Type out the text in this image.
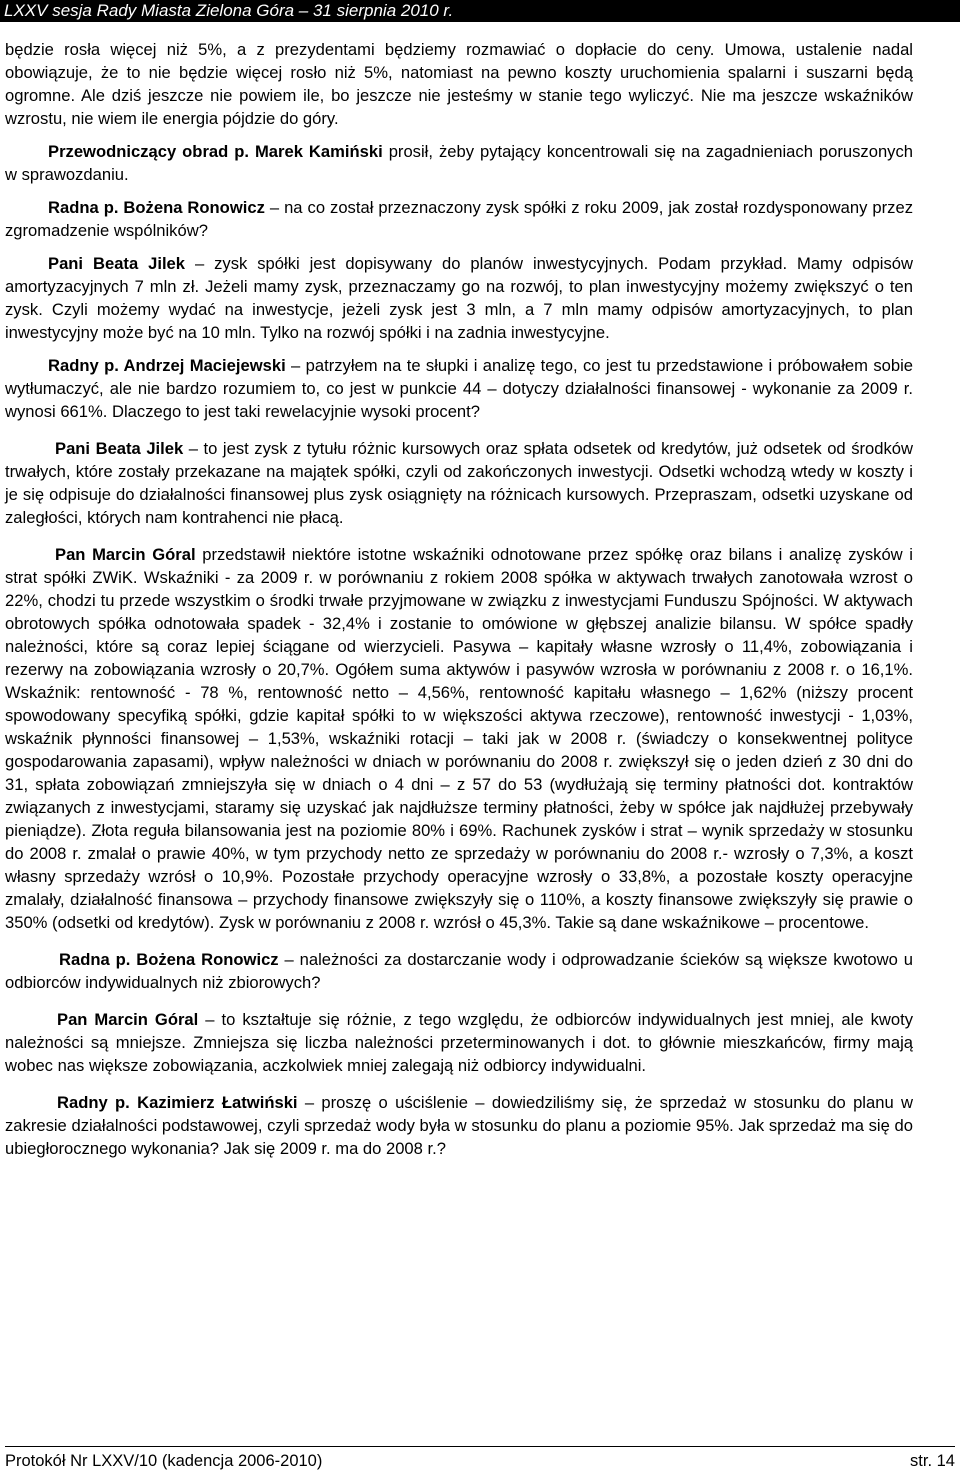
LXXV sesja Rady Miasta Zielona Góra – 31 sierpnia 2010 r.

będzie rosła więcej niż 5%, a z prezydentami będziemy rozmawiać o dopłacie do ceny. Umowa, ustalenie nadal obowiązuje, że to nie będzie więcej rosło niż 5%, natomiast na pewno koszty uruchomienia spalarni i suszarni będą ogromne. Ale dziś jeszcze nie powiem ile, bo jeszcze nie jesteśmy w stanie tego wyliczyć. Nie ma jeszcze wskaźników wzrostu, nie wiem ile energia pójdzie do góry.

Przewodniczący obrad p. Marek Kamiński prosił, żeby pytający koncentrowali się na zagadnieniach poruszonych w sprawozdaniu.

Radna p. Bożena Ronowicz – na co został przeznaczony zysk spółki z roku 2009, jak został rozdysponowany przez zgromadzenie wspólników?

Pani Beata Jilek – zysk spółki jest dopisywany do planów inwestycyjnych. Podam przykład. Mamy odpisów amortyzacyjnych 7 mln zł. Jeżeli mamy zysk, przeznaczamy go na rozwój, to plan inwestycyjny możemy zwiększyć o ten zysk. Czyli możemy wydać na inwestycje, jeżeli zysk jest 3 mln, a 7 mln mamy odpisów amortyzacyjnych, to plan inwestycyjny może być na 10 mln. Tylko na rozwój spółki i na zadnia inwestycyjne.

Radny p. Andrzej Maciejewski – patrzyłem na te słupki i analizę tego, co jest tu przedstawione i próbowałem sobie wytłumaczyć, ale nie bardzo rozumiem to, co jest w punkcie 44 – dotyczy działalności finansowej - wykonanie za 2009 r. wynosi 661%. Dlaczego to jest taki rewelacyjnie wysoki procent?

Pani Beata Jilek – to jest zysk z tytułu różnic kursowych oraz spłata odsetek od kredytów, już odsetek od środków trwałych, które zostały przekazane na majątek spółki, czyli od zakończonych inwestycji. Odsetki wchodzą wtedy w koszty i je się odpisuje do działalności finansowej plus zysk osiągnięty na różnicach kursowych. Przepraszam, odsetki uzyskane od zaległości, których nam kontrahenci nie płacą.

Pan Marcin Góral przedstawił niektóre istotne wskaźniki odnotowane przez spółkę oraz bilans i analizę zysków i strat spółki ZWiK. Wskaźniki - za 2009 r. w porównaniu z rokiem 2008 spółka w aktywach trwałych zanotowała wzrost o 22%, chodzi tu przede wszystkim o środki trwałe przyjmowane w związku z inwestycjami Funduszu Spójności. W aktywach obrotowych spółka odnotowała spadek - 32,4% i zostanie to omówione w głębszej analizie bilansu. W spółce spadły należności, które są coraz lepiej ściągane od wierzycieli. Pasywa – kapitały własne wzrosły o 11,4%, zobowiązania i rezerwy na zobowiązania wzrosły o 20,7%. Ogółem suma aktywów i pasywów wzrosła w porównaniu z 2008 r. o 16,1%. Wskaźnik: rentowność - 78 %, rentowność netto – 4,56%, rentowność kapitału własnego – 1,62% (niższy procent spowodowany specyfiką spółki, gdzie kapitał spółki to w większości aktywa rzeczowe), rentowność inwestycji - 1,03%, wskaźnik płynności finansowej – 1,53%, wskaźniki rotacji – taki jak w 2008 r. (świadczy o konsekwentnej polityce gospodarowania zapasami), wpływ należności w dniach w porównaniu do 2008 r. zwiększył się o jeden dzień z 30 dni do 31, spłata zobowiązań zmniejszyła się w dniach o 4 dni – z 57 do 53 (wydłużają się terminy płatności dot. kontraktów związanych z inwestycjami, staramy się uzyskać jak najdłuższe terminy płatności, żeby w spółce jak najdłużej przebywały pieniądze). Złota reguła bilansowania jest na poziomie 80% i 69%. Rachunek zysków i strat – wynik sprzedaży w stosunku do 2008 r. zmalał o prawie 40%, w tym przychody netto ze sprzedaży w porównaniu do 2008 r.- wzrosły o 7,3%, a koszt własny sprzedaży wzrósł o 10,9%. Pozostałe przychody operacyjne wzrosły o 33,8%, a pozostałe koszty operacyjne zmalały, działalność finansowa – przychody finansowe zwiększyły się o 110%, a koszty finansowe zwiększyły się prawie o 350% (odsetki od kredytów). Zysk w porównaniu z 2008 r. wzrósł o 45,3%. Takie są dane wskaźnikowe – procentowe.

Radna p. Bożena Ronowicz – należności za dostarczanie wody i odprowadzanie ścieków są większe kwotowo u odbiorców indywidualnych niż zbiorowych?

Pan Marcin Góral – to kształtuje się różnie, z tego względu, że odbiorców indywidualnych jest mniej, ale kwoty należności są mniejsze. Zmniejsza się liczba należności przeterminowanych i dot. to głównie mieszkańców, firmy mają wobec nas większe zobowiązania, aczkolwiek mniej zalegają niż odbiorcy indywidualni.

Radny p. Kazimierz Łatwiński – proszę o uściślenie – dowiedziliśmy się, że sprzedaż w stosunku do planu w zakresie działalności podstawowej, czyli sprzedaż wody była w stosunku do planu a poziomie 95%. Jak sprzedaż ma się do ubiegłorocznego wykonania? Jak się 2009 r. ma do 2008 r.?

Protokół Nr LXXV/10 (kadencja 2006-2010)	str. 14
